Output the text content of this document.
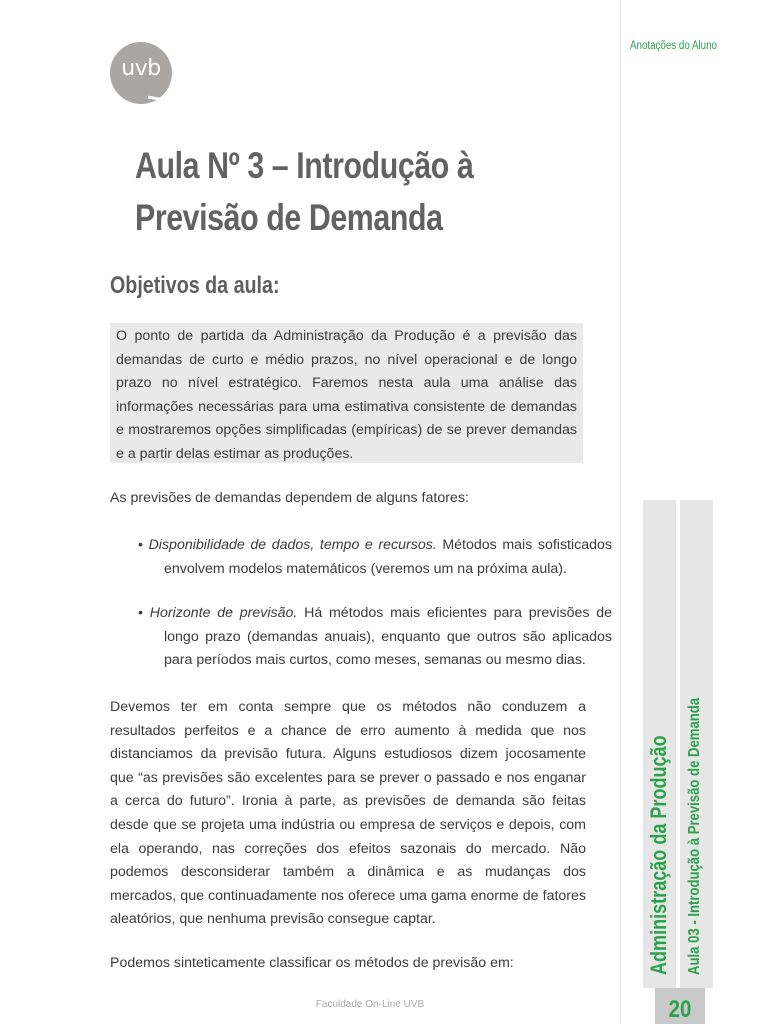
uvb
Aula Nº 3 – Introdução à
Previsão de Demanda
Objetivos da aula:

O ponto de partida da Administração da Produção é a previsão das demandas de curto e médio prazos, no nível operacional e de longo prazo no nível estratégico. Faremos nesta aula uma análise das informações necessárias para uma estimativa consistente de demandas e mostraremos opções simplificadas (empíricas) de se prever demandas e a partir delas estimar as produções.

As previsões de demandas dependem de alguns fatores:

• Disponibilidade de dados, tempo e recursos. Métodos mais sofisticados envolvem modelos matemáticos (veremos um na próxima aula).

• Horizonte de previsão. Há métodos mais eficientes para previsões de longo prazo (demandas anuais), enquanto que outros são aplicados para períodos mais curtos, como meses, semanas ou mesmo dias.

Devemos ter em conta sempre que os métodos não conduzem a resultados perfeitos e a chance de erro aumento à medida que nos distanciamos da previsão futura. Alguns estudiosos dizem jocosamente que “as previsões são excelentes para se prever o passado e nos enganar a cerca do futuro”. Ironia à parte, as previsões de demanda são feitas desde que se projeta uma indústria ou empresa de serviços e depois, com ela operando, nas correções dos efeitos sazonais do mercado. Não podemos desconsiderar também a dinâmica e as mudanças dos mercados, que continuadamente nos oferece uma gama enorme de fatores aleatórios, que nenhuma previsão consegue captar.

Podemos sinteticamente classificar os métodos de previsão em:

Faculdade On-Line UVB

Anotações do Aluno

Administração da Produção Aula 03 - Introdução à Previsão de Demanda

20
